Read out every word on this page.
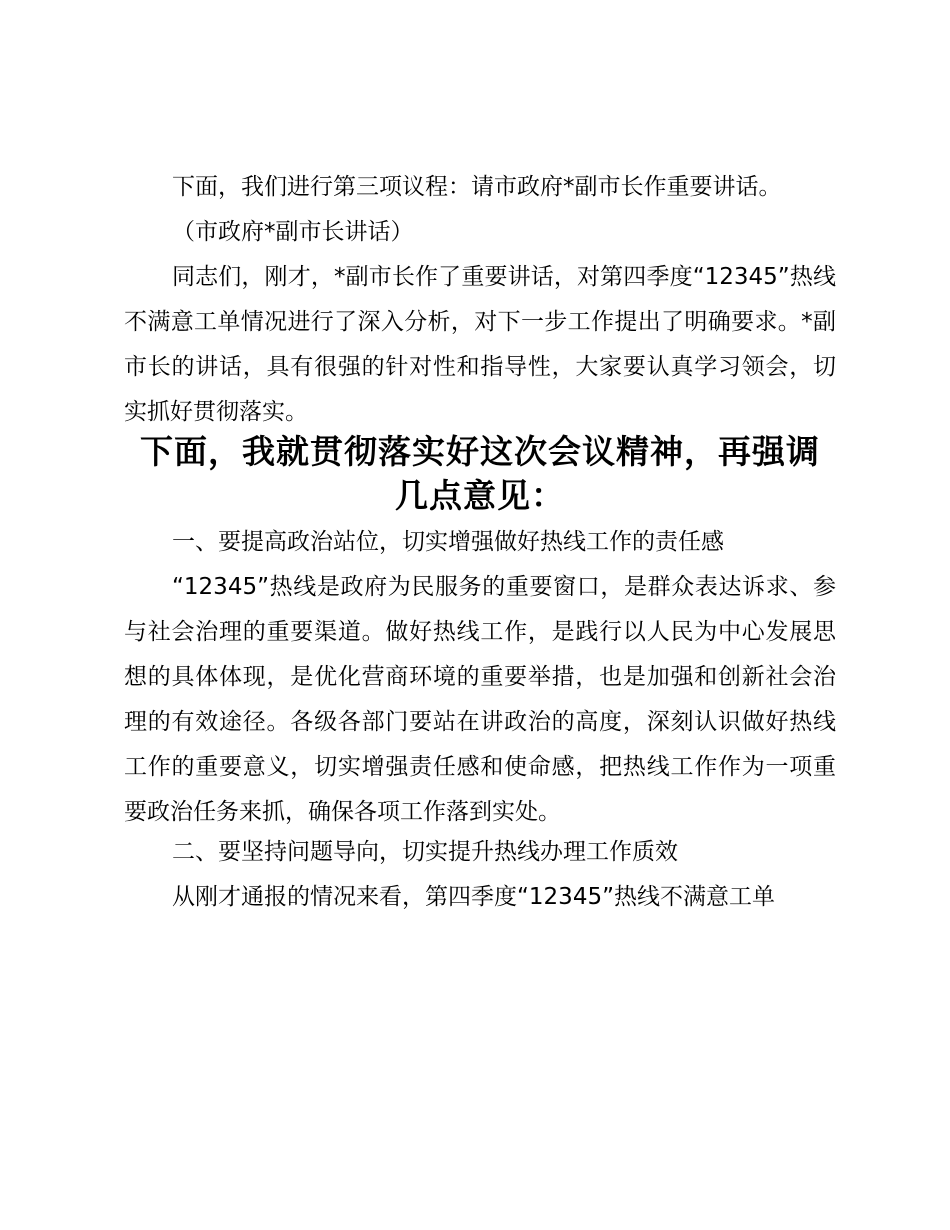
下面，我们进行第三项议程：请市政府*副市长作重要讲话。

（市政府*副市长讲话）

同志们，刚才，*副市长作了重要讲话，对第四季度“12345”热线不满意工单情况进行了深入分析，对下一步工作提出了明确要求。*副市长的讲话，具有很强的针对性和指导性，大家要认真学习领会，切实抓好贯彻落实。

下面，我就贯彻落实好这次会议精神，再强调几点意见：

一、要提高政治站位，切实增强做好热线工作的责任感

“12345”热线是政府为民服务的重要窗口，是群众表达诉求、参与社会治理的重要渠道。做好热线工作，是践行以人民为中心发展思想的具体体现，是优化营商环境的重要举措，也是加强和创新社会治理的有效途径。各级各部门要站在讲政治的高度，深刻认识做好热线工作的重要意义，切实增强责任感和使命感，把热线工作作为一项重要政治任务来抓，确保各项工作落到实处。

二、要坚持问题导向，切实提升热线办理工作质效

从刚才通报的情况来看，第四季度“12345”热线不满意工单
